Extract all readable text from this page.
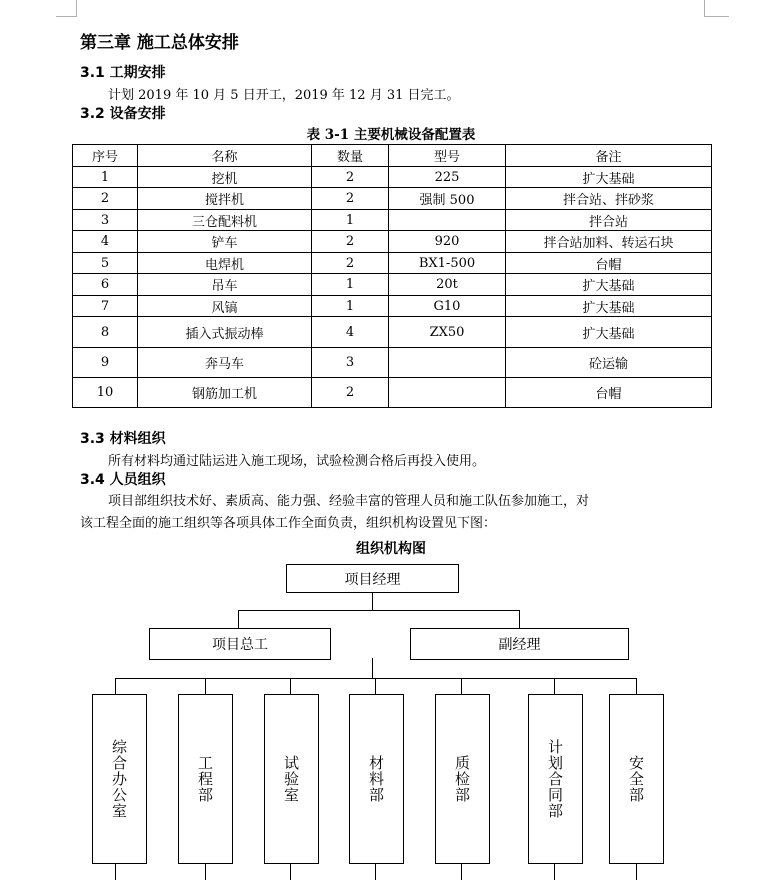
第三章 施工总体安排
3.1 工期安排
计划 2019 年 10 月 5 日开工，2019 年 12 月 31 日完工。
3.2 设备安排
表 3-1 主要机械设备配置表
序号	名称	数量	型号	备注
1	挖机	2	225	扩大基础
2	搅拌机	2	强制 500	拌合站、拌砂浆
3	三仓配料机	1		拌合站
4	铲车	2	920	拌合站加料、转运石块
5	电焊机	2	BX1-500	台帽
6	吊车	1	20t	扩大基础
7	风镐	1	G10	扩大基础
8	插入式振动棒	4	ZX50	扩大基础
9	奔马车	3		砼运输
10	钢筋加工机	2		台帽
3.3 材料组织
所有材料均通过陆运进入施工现场，试验检测合格后再投入使用。
3.4 人员组织
项目部组织技术好、素质高、能力强、经验丰富的管理人员和施工队伍参加施工，对
该工程全面的施工组织等各项具体工作全面负责，组织机构设置见下图：
组织机构图
项目经理
项目总工	副经理
综合办公室	工程部	试验室	材料部	质检部	计划合同部	安全部
